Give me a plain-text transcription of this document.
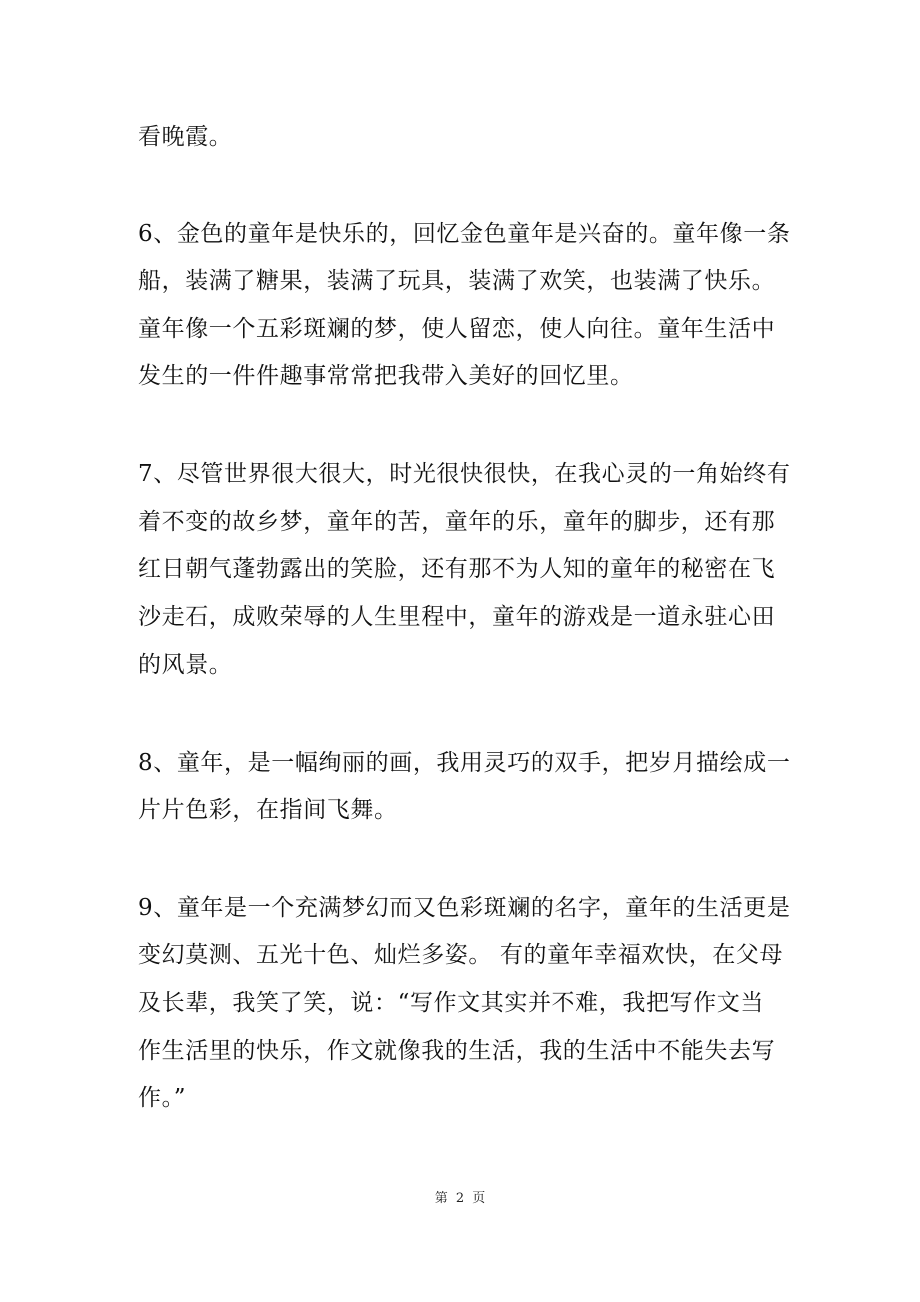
看晚霞。
6、金色的童年是快乐的，回忆金色童年是兴奋的。童年像一条
船，装满了糖果，装满了玩具，装满了欢笑，也装满了快乐。
童年像一个五彩斑斓的梦，使人留恋，使人向往。童年生活中
发生的一件件趣事常常把我带入美好的回忆里。
7、尽管世界很大很大，时光很快很快，在我心灵的一角始终有
着不变的故乡梦，童年的苦，童年的乐，童年的脚步，还有那
红日朝气蓬勃露出的笑脸，还有那不为人知的童年的秘密在飞
沙走石，成败荣辱的人生里程中，童年的游戏是一道永驻心田
的风景。
8、童年，是一幅绚丽的画，我用灵巧的双手，把岁月描绘成一
片片色彩，在指间飞舞。
9、童年是一个充满梦幻而又色彩斑斓的名字，童年的生活更是
变幻莫测、五光十色、灿烂多姿。 有的童年幸福欢快，在父母
及长辈，我笑了笑，说：“写作文其实并不难，我把写作文当
作生活里的快乐，作文就像我的生活，我的生活中不能失去写
作。”
第 2 页
